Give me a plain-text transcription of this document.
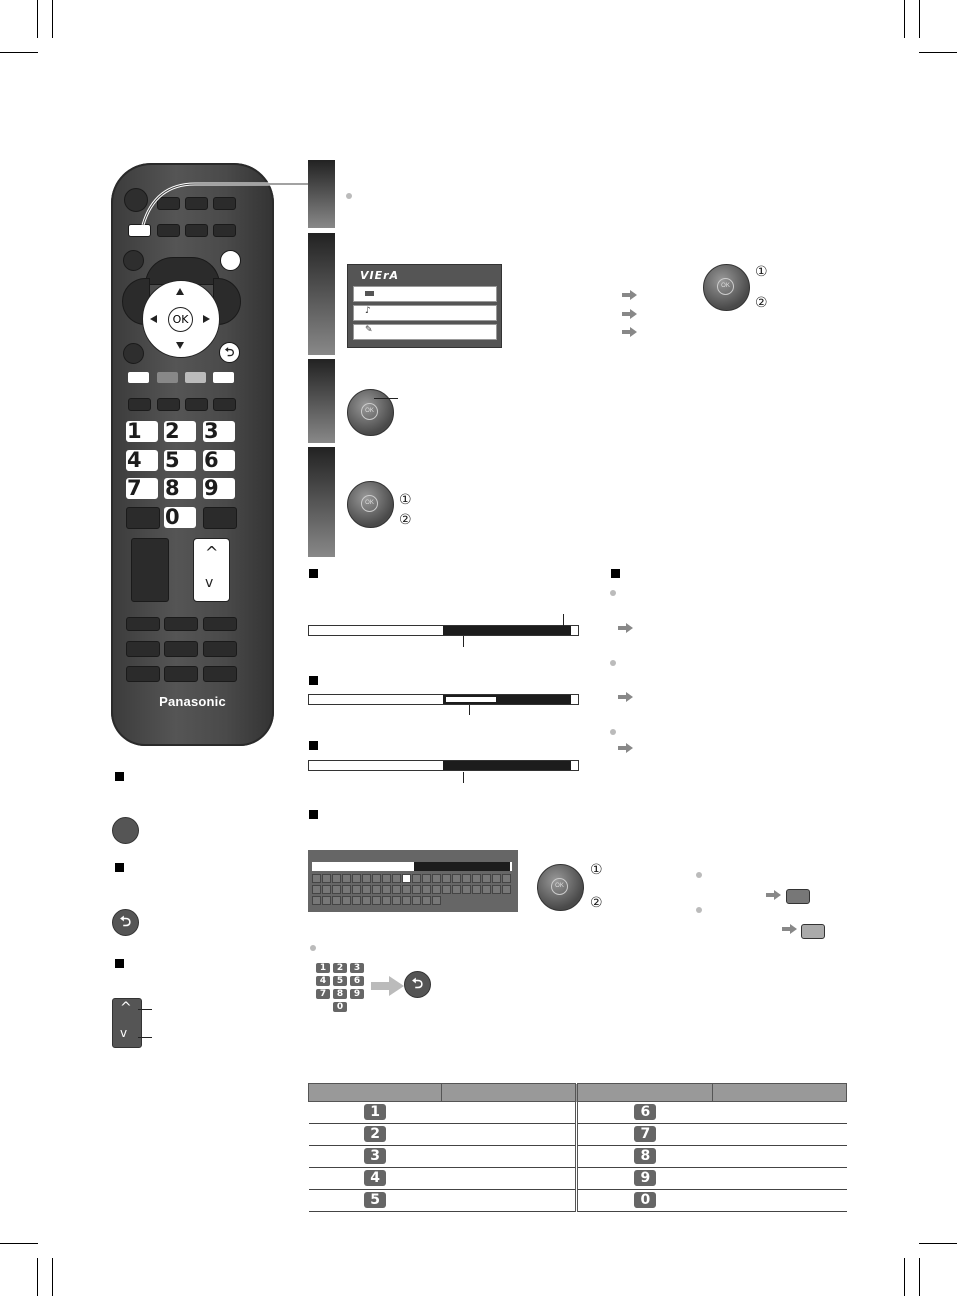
OK
⮌
1	2	3
4	5	6
7	8	9
0
^
v
Panasonic
VIErA
♪
✎
OK
①
②
OK
OK ①
②
⮌
^
v
OK
①
②
1	2	3
4	5	6
7	8	9
0
⮌

1		6	
2		7	
3		8	
4		9	
5		0	
